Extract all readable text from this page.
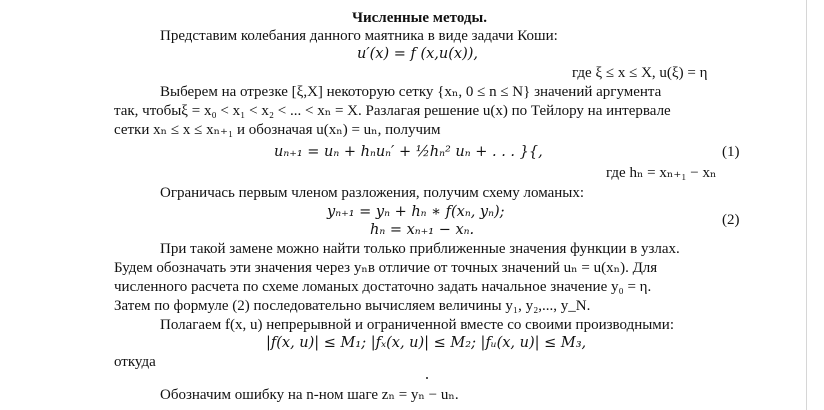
Численные методы.
Представим колебания данного маятника в виде задачи Коши:
u′(x) = f (x,u(x)),
где ξ ≤ x ≤ X, u(ξ) = η
Выберем на отрезке [ξ,X] некоторую сетку {xₙ, 0 ≤ n ≤ N} значений аргумента
так, чтобыξ = x₀ < x₁ < x₂ < ... < xₙ = X. Разлагая решение u(x) по Тейлору на интервале
сетки xₙ ≤ x ≤ xₙ₊₁ и обозначая u(xₙ) = uₙ, получим
uₙ₊₁ = uₙ + hₙuₙ′ + ½hₙ² uₙ + . . . }{,	(1)
где hₙ = xₙ₊₁ − xₙ
Ограничась первым членом разложения, получим схему ломаных:
yₙ₊₁ = yₙ + hₙ ∗ f(xₙ, yₙ);	(2)
hₙ = xₙ₊₁ − xₙ.
При такой замене можно найти только приближенные значения функции в узлах.
Будем обозначать эти значения через yₙв отличие от точных значений uₙ = u(xₙ). Для
численного расчета по схеме ломаных достаточно задать начальное значение y₀ = η.
Затем по формуле (2) последовательно вычисляем величины y₁, y₂,..., y_N.
Полагаем f(x, u) непрерывной и ограниченной вместе со своими производными:
|f(x, u)| ≤ M₁; |fₓ(x, u)| ≤ M₂; |fᵤ(x, u)| ≤ M₃,
откуда
Обозначим ошибку на n-ном шаге zₙ = yₙ − uₙ.
